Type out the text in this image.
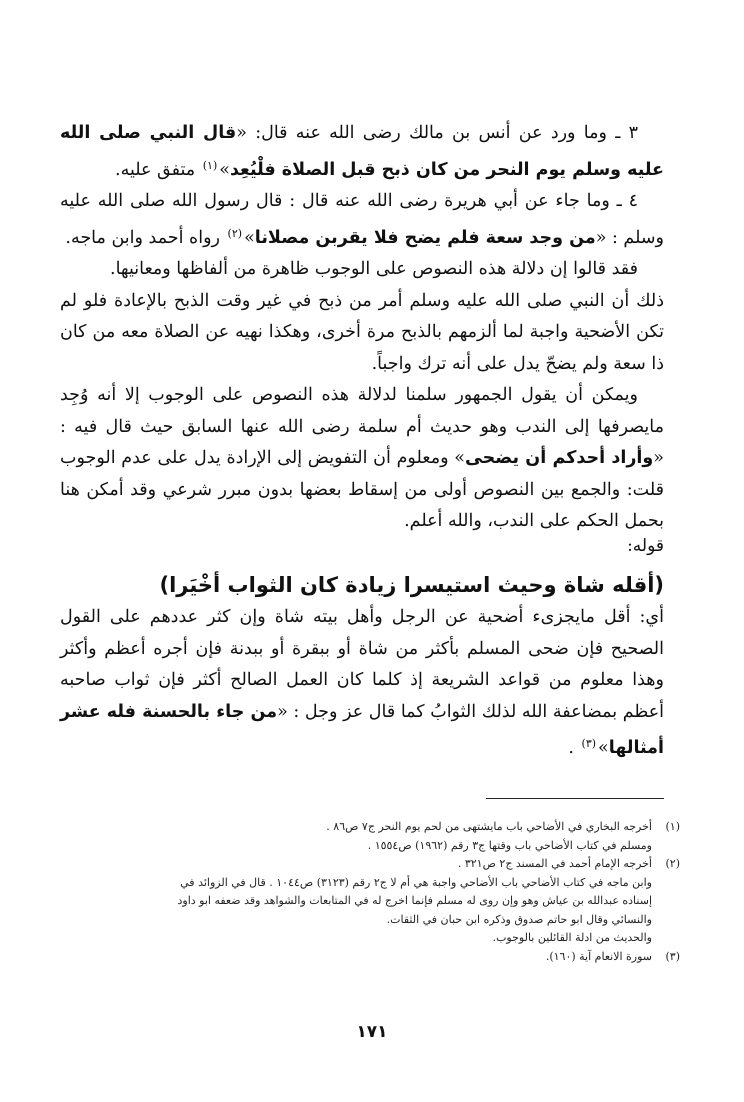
٣ ـ وما ورد عن أنس بن مالك رضى الله عنه قال: «قال النبي صلى الله عليه وسلم يوم النحر من كان ذبح قبل الصلاة فلْيُعِد»$^{(١)}$ متفق عليه.

٤ ـ وما جاء عن أبي هريرة رضى الله عنه قال : قال رسول الله صلى الله عليه وسلم : «من وجد سعة فلم يضح فلا يقربن مصلانا»$^{(٢)}$ رواه أحمد وابن ماجه.

فقد قالوا إن دلالة هذه النصوص على الوجوب ظاهرة من ألفاظها ومعانيها.

ذلك أن النبي صلى الله عليه وسلم أمر من ذبح في غير وقت الذبح بالإعادة فلو لم تكن الأضحية واجبة لما ألزمهم بالذبح مرة أخرى، وهكذا نهيه عن الصلاة معه من كان ذا سعة ولم يضحّ يدل على أنه ترك واجباً.

ويمكن أن يقول الجمهور سلمنا لدلالة هذه النصوص على الوجوب إلا أنه وُجِد مايصرفها إلى الندب وهو حديث أم سلمة رضى الله عنها السابق حيث قال فيه : «وأراد أحدكم أن يضحى» ومعلوم أن التفويض إلى الإرادة يدل على عدم الوجوب قلت: والجمع بين النصوص أولى من إسقاط بعضها بدون مبرر شرعي وقد أمكن هنا بحمل الحكم على الندب، والله أعلم.

قوله:
(أقله شاة وحيث استيسرا زيادة كان الثواب أخْيَرا)

أي: أقل مايجزىء أضحية عن الرجل وأهل بيته شاة وإن كثر عددهم على القول الصحيح فإن ضحى المسلم بأكثر من شاة أو ببقرة أو ببدنة فإن أجره أعظم وأكثر وهذا معلوم من قواعد الشريعة إذ كلما كان العمل الصالح أكثر فإن ثواب صاحبه أعظم بمضاعفة الله لذلك الثوابُ كما قال عز وجل : «من جاء بالحسنة فله عشر أمثالها»$^{(٣)}$ .

(١)أخرجه البخاري في الأضاحي باب مايشتهى من لحم يوم النحر ج٧ ص٨٦ .

ومسلم في كتاب الأضاحي باب وقتها ج٣ رقم (١٩٦٢) ص١٥٥٤ .

(٢)أخرجه الإمام أحمد في المسند ج٢ ص٣٢١ .

وابن ماجه في كتاب الأضاحي باب الأضاحي واجبة هي أم لا ج٢ رقم (٣١٢٣) ص١٠٤٤ . قال في الزوائد في

إسناده عبدالله بن عياش وهو وإن روى له مسلم فإنما اخرج له في المتابعات والشواهد وقد ضعفه ابو داود

والنسائي وقال ابو حاتم صدوق وذكره ابن حبان في الثقات.

والحديث من ادلة القائلين بالوجوب.

(٣)سورة الانعام آية (١٦٠).

١٧١
